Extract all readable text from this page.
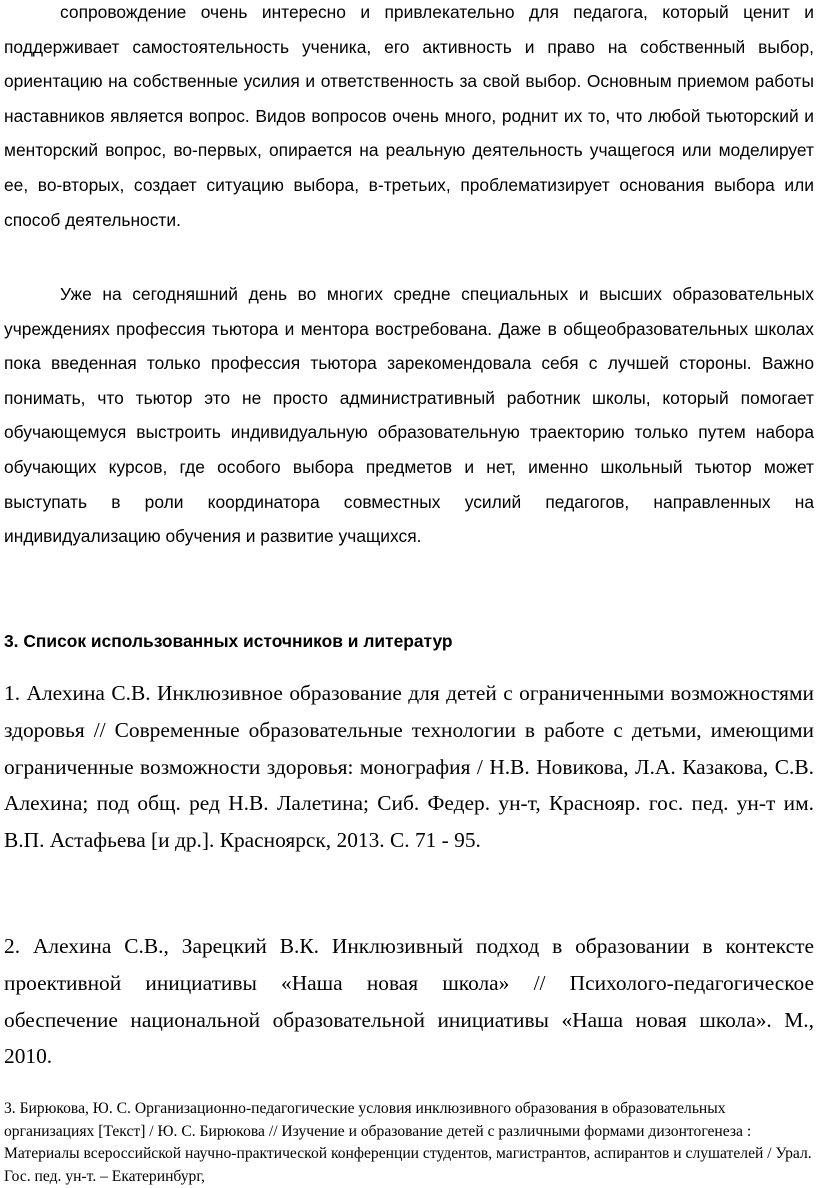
сопровождение очень интересно и привлекательно для педагога, который ценит и поддерживает самостоятельность ученика, его активность и право на собственный выбор, ориентацию на собственные усилия и ответственность за свой выбор. Основным приемом работы наставников является вопрос. Видов вопросов очень много, роднит их то, что любой тьюторский и менторский вопрос, во-первых, опирается на реальную деятельность учащегося или моделирует ее, во-вторых, создает ситуацию выбора, в-третьих, проблематизирует основания выбора или способ деятельности.

Уже на сегодняшний день во многих средне специальных и высших образовательных учреждениях профессия тьютора и ментора востребована. Даже в общеобразовательных школах пока введенная только профессия тьютора зарекомендовала себя с лучшей стороны. Важно понимать, что тьютор это не просто административный работник школы, который помогает обучающемуся выстроить индивидуальную образовательную траекторию только путем набора обучающих курсов, где особого выбора предметов и нет, именно школьный тьютор может выступать в роли координатора совместных усилий педагогов, направленных на индивидуализацию обучения и развитие учащихся.

3. Список использованных источников и литератур

1. Алехина С.В. Инклюзивное образование для детей с ограниченными возможностями здоровья // Современные образовательные технологии в работе с детьми, имеющими ограниченные возможности здоровья: монография / Н.В. Новикова, Л.А. Казакова, С.В. Алехина; под общ. ред Н.В. Лалетина; Сиб. Федер. ун-т, Краснояр. гос. пед. ун-т им. В.П. Астафьева [и др.]. Красноярск, 2013. С. 71 - 95.

2. Алехина С.В., Зарецкий В.К. Инклюзивный подход в образовании в контексте проективной инициативы «Наша новая школа» // Психолого-педагогическое обеспечение национальной образовательной инициативы «Наша новая школа». М., 2010.

3. Бирюкова, Ю. С. Организационно-педагогические условия инклюзивного образования в образовательных организациях [Текст] / Ю. С. Бирюкова // Изучение и образование детей с различными формами дизонтогенеза : Материалы всероссийской научно-практической конференции студентов, магистрантов, аспирантов и слушателей / Урал. Гос. пед. ун-т. – Екатеринбург,
